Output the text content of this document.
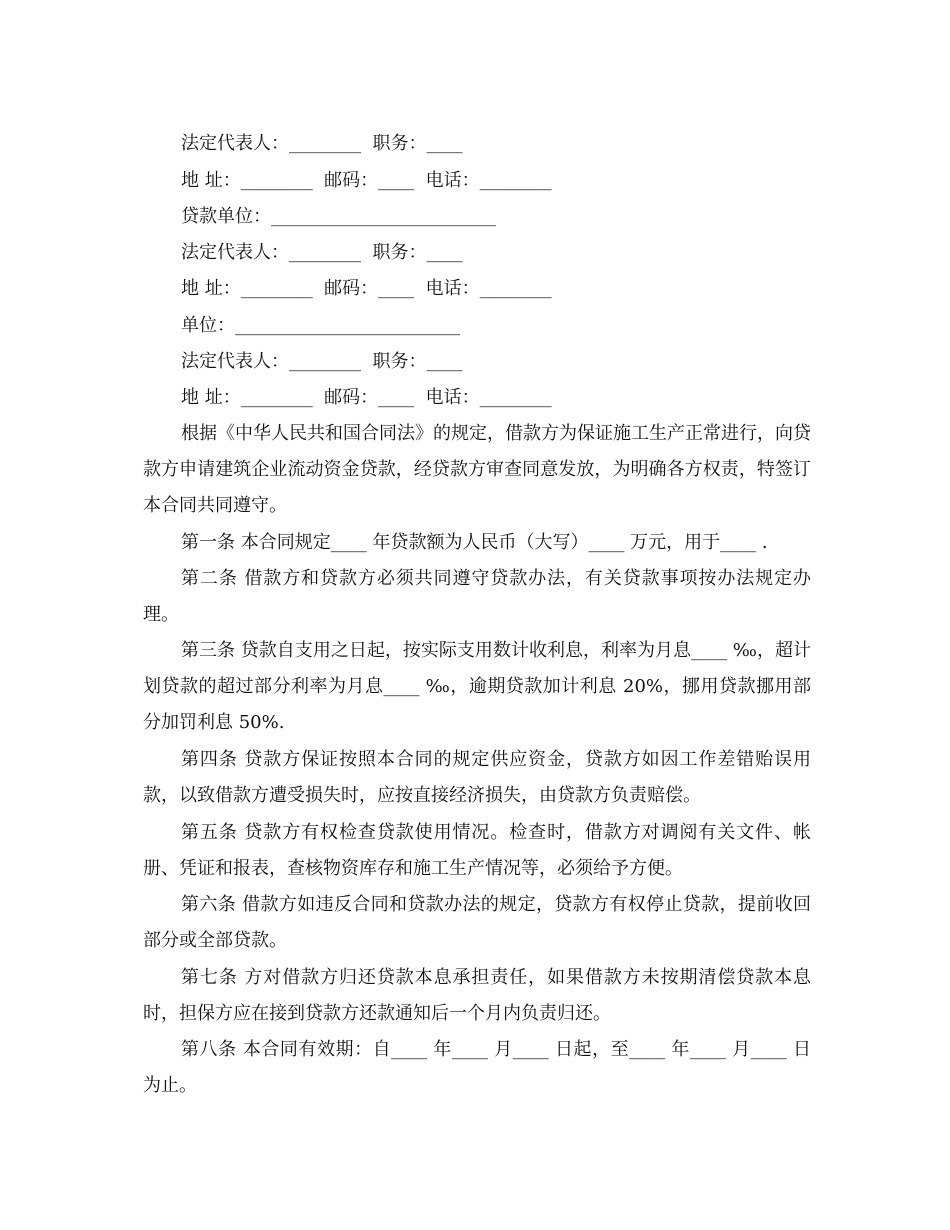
法定代表人：________  职务：____
地 址：________  邮码：____  电话：________
贷款单位：_________________________
法定代表人：________  职务：____
地 址：________  邮码：____  电话：________
单位：_________________________
法定代表人：________  职务：____
地 址：________  邮码：____  电话：________

根据《中华人民共和国合同法》的规定，借款方为保证施工生产正常进行，向贷款方申请建筑企业流动资金贷款，经贷款方审查同意发放，为明确各方权责，特签订本合同共同遵守。

第一条 本合同规定____ 年贷款额为人民币（大写）____ 万元，用于____ .

第二条 借款方和贷款方必须共同遵守贷款办法，有关贷款事项按办法规定办理。

第三条 贷款自支用之日起，按实际支用数计收利息，利率为月息____ ‰，超计划贷款的超过部分利率为月息____ ‰，逾期贷款加计利息 20%，挪用贷款挪用部分加罚利息 50%.

第四条 贷款方保证按照本合同的规定供应资金，贷款方如因工作差错贻误用款，以致借款方遭受损失时，应按直接经济损失，由贷款方负责赔偿。

第五条 贷款方有权检查贷款使用情况。检查时，借款方对调阅有关文件、帐册、凭证和报表，查核物资库存和施工生产情况等，必须给予方便。

第六条 借款方如违反合同和贷款办法的规定，贷款方有权停止贷款，提前收回部分或全部贷款。

第七条 方对借款方归还贷款本息承担责任，如果借款方未按期清偿贷款本息时，担保方应在接到贷款方还款通知后一个月内负责归还。

第八条 本合同有效期：自____ 年____ 月____ 日起，至____ 年____ 月____ 日为止。
